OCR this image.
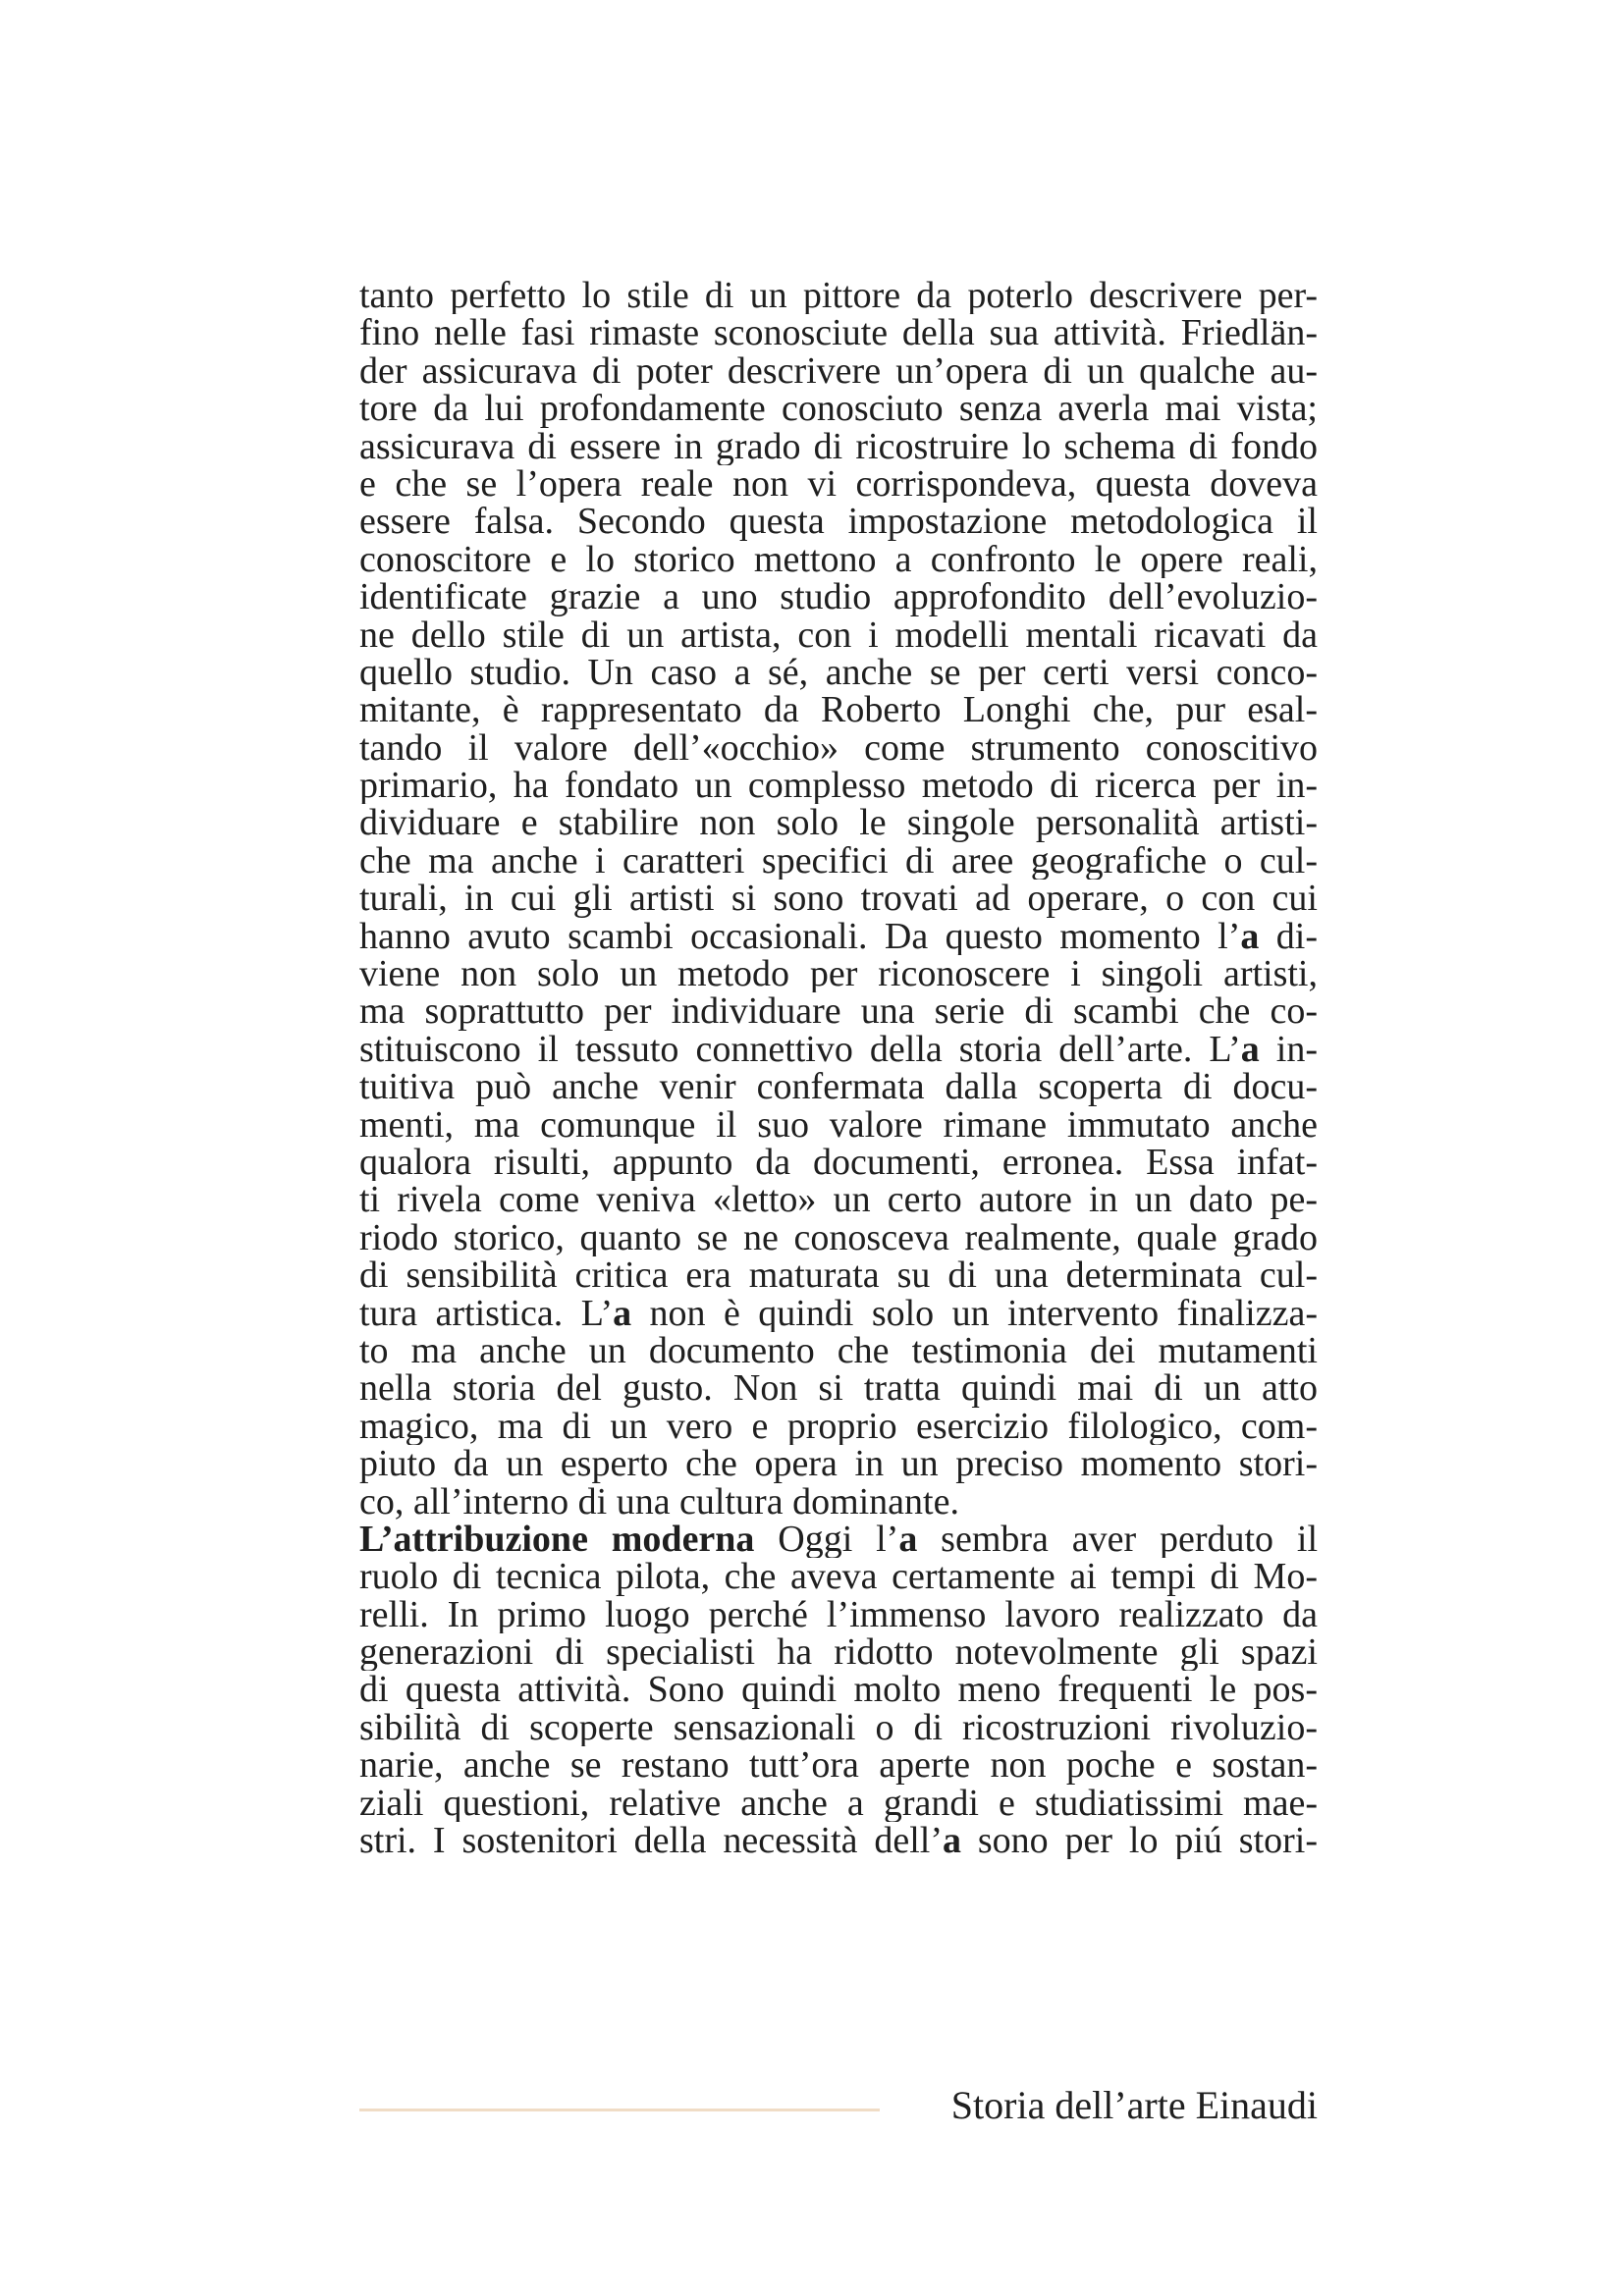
tanto perfetto lo stile di un pittore da poterlo descrivere per-
fino nelle fasi rimaste sconosciute della sua attività. Friedlän-
der assicurava di poter descrivere un’opera di un qualche au-
tore da lui profondamente conosciuto senza averla mai vista;
assicurava di essere in grado di ricostruire lo schema di fondo
e che se l’opera reale non vi corrispondeva, questa doveva
essere falsa. Secondo questa impostazione metodologica il
conoscitore e lo storico mettono a confronto le opere reali,
identificate grazie a uno studio approfondito dell’evoluzio-
ne dello stile di un artista, con i modelli mentali ricavati da
quello studio. Un caso a sé, anche se per certi versi conco-
mitante, è rappresentato da Roberto Longhi che, pur esal-
tando il valore dell’«occhio» come strumento conoscitivo
primario, ha fondato un complesso metodo di ricerca per in-
dividuare e stabilire non solo le singole personalità artisti-
che ma anche i caratteri specifici di aree geografiche o cul-
turali, in cui gli artisti si sono trovati ad operare, o con cui
hanno avuto scambi occasionali. Da questo momento l’a di-
viene non solo un metodo per riconoscere i singoli artisti,
ma soprattutto per individuare una serie di scambi che co-
stituiscono il tessuto connettivo della storia dell’arte. L’a in-
tuitiva può anche venir confermata dalla scoperta di docu-
menti, ma comunque il suo valore rimane immutato anche
qualora risulti, appunto da documenti, erronea. Essa infat-
ti rivela come veniva «letto» un certo autore in un dato pe-
riodo storico, quanto se ne conosceva realmente, quale grado
di sensibilità critica era maturata su di una determinata cul-
tura artistica. L’a non è quindi solo un intervento finalizza-
to ma anche un documento che testimonia dei mutamenti
nella storia del gusto. Non si tratta quindi mai di un atto
magico, ma di un vero e proprio esercizio filologico, com-
piuto da un esperto che opera in un preciso momento stori-
co, all’interno di una cultura dominante.
L’attribuzione moderna Oggi l’a sembra aver perduto il
ruolo di tecnica pilota, che aveva certamente ai tempi di Mo-
relli. In primo luogo perché l’immenso lavoro realizzato da
generazioni di specialisti ha ridotto notevolmente gli spazi
di questa attività. Sono quindi molto meno frequenti le pos-
sibilità di scoperte sensazionali o di ricostruzioni rivoluzio-
narie, anche se restano tutt’ora aperte non poche e sostan-
ziali questioni, relative anche a grandi e studiatissimi mae-
stri. I sostenitori della necessità dell’a sono per lo piú stori-
Storia dell’arte Einaudi
